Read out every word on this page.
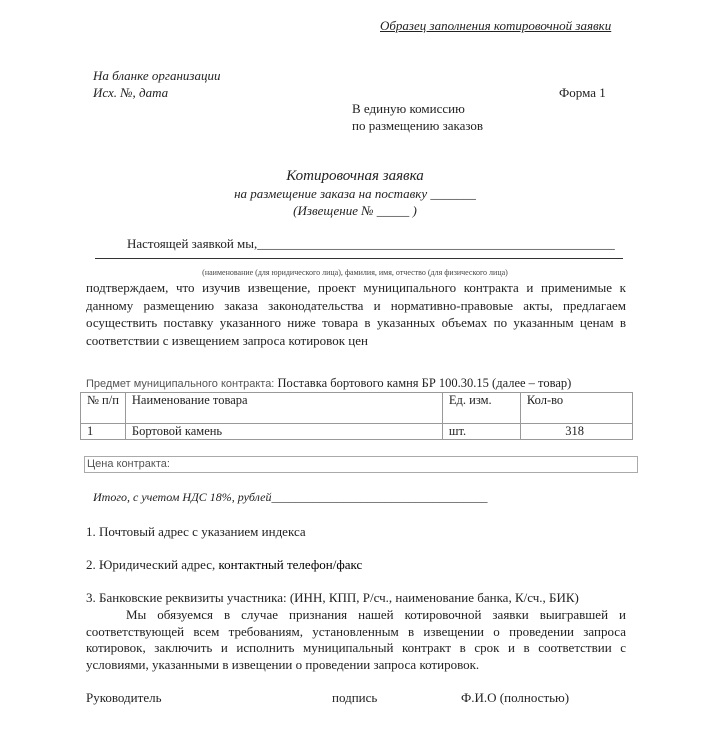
Образец заполнения котировочной заявки
На бланке организации
Исх. №, дата	Форма 1
В единую комиссию
по размещению заказов
Котировочная заявка
на размещение заказа на поставку _______
(Извещение № _____ )
Настоящей заявкой мы,_______________________________________________________
(наименование (для юридического лица), фамилия, имя, отчество (для физического лица)
подтверждаем, что изучив извещение, проект муниципального контракта и применимые к данному размещению заказа законодательства и нормативно-правовые акты, предлагаем осуществить поставку указанного ниже товара в указанных объемах по указанным ценам в соответствии с извещением запроса котировок цен
Предмет муниципального контракта: Поставка бортового камня БР 100.30.15 (далее – товар)
№ п/п	Наименование товара	Ед. изм.	Кол-во
1	Бортовой камень	шт.	318
Цена контракта:
Итого, с учетом НДС 18%, рублей____________________________________
1. Почтовый адрес с указанием индекса
2. Юридический адрес, контактный телефон/факс
3. Банковские реквизиты участника: (ИНН, КПП, Р/сч., наименование банка, К/сч., БИК)
Мы обязуемся в случае признания нашей котировочной заявки выигравшей и соответствующей всем требованиям, установленным в извещении о проведении запроса котировок, заключить и исполнить муниципальный контракт в срок и в соответствии с условиями, указанными в извещении о проведении запроса котировок.
Руководитель	подпись	Ф.И.О (полностью)
